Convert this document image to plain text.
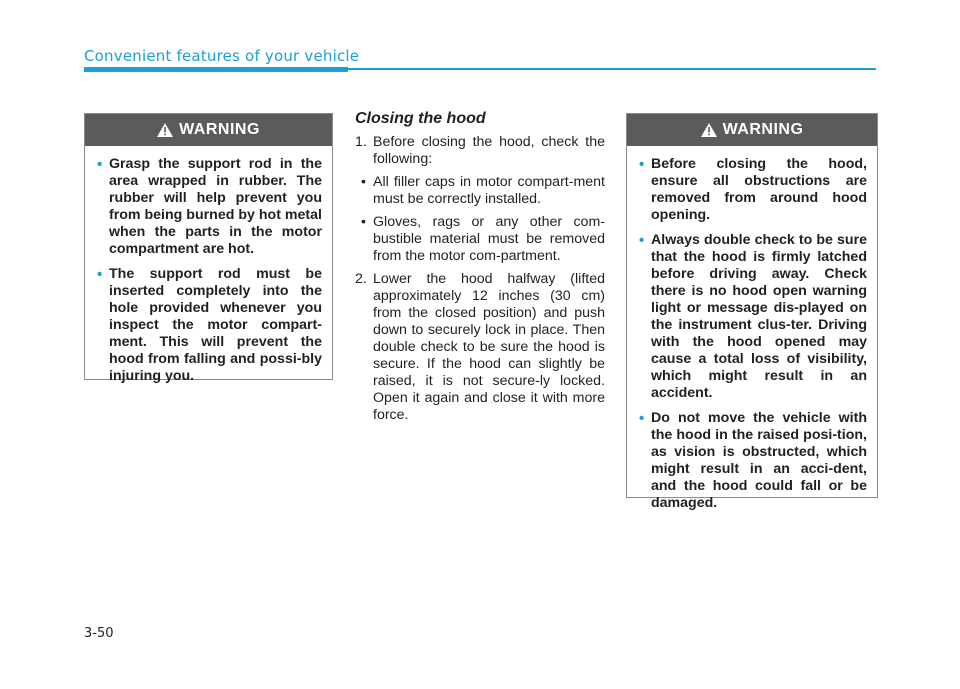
Convenient features of your vehicle
WARNING
• Grasp the support rod in the area wrapped in rubber. The rubber will help prevent you from being burned by hot metal when the parts in the motor compartment are hot.
• The support rod must be inserted completely into the hole provided whenever you inspect the motor compart-ment. This will prevent the hood from falling and possi-bly injuring you.
Closing the hood
1. Before closing the hood, check the following:
• All filler caps in motor compart-ment must be correctly installed.
• Gloves, rags or any other com-bustible material must be removed from the motor com-partment.
2. Lower the hood halfway (lifted approximately 12 inches (30 cm) from the closed position) and push down to securely lock in place. Then double check to be sure the hood is secure. If the hood can slightly be raised, it is not secure-ly locked. Open it again and close it with more force.
WARNING
• Before closing the hood, ensure all obstructions are removed from around hood opening.
• Always double check to be sure that the hood is firmly latched before driving away. Check there is no hood open warning light or message dis-played on the instrument clus-ter. Driving with the hood opened may cause a total loss of visibility, which might result in an accident.
• Do not move the vehicle with the hood in the raised posi-tion, as vision is obstructed, which might result in an acci-dent, and the hood could fall or be damaged.
3-50
